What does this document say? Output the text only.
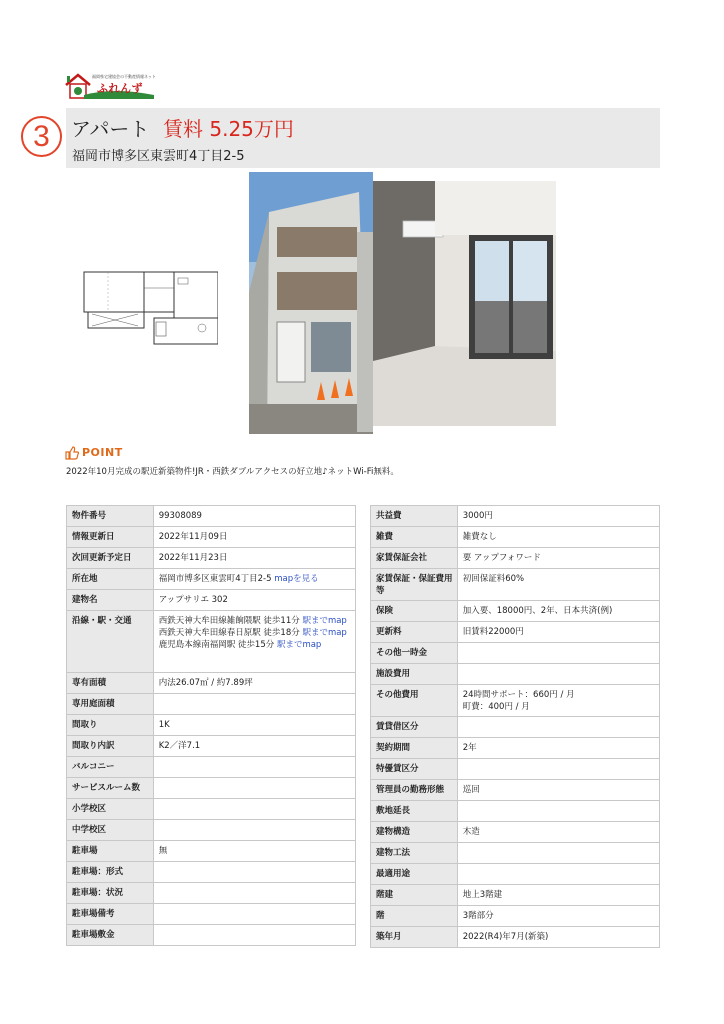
福岡県宅建協会の不動産情報ネット
ふれんず
3	アパート 賃料 5.25万円
福岡市博多区東雲町4丁目2-5
POINT
2022年10月完成の駅近新築物件!JR・西鉄ダブルアクセスの好立地♪ネットWi-Fi無料。
物件番号	99308089
情報更新日	2022年11月09日
次回更新予定日	2022年11月23日
所在地	福岡市博多区東雲町4丁目2-5 mapを見る
建物名	アップサリエ 302
沿線・駅・交通	西鉄天神大牟田線雑餉隈駅 徒歩11分 駅までmap
西鉄天神大牟田線春日原駅 徒歩18分 駅までmap
鹿児島本線南福岡駅 徒歩15分 駅までmap
専有面積	内法26.07㎡ / 約7.89坪
専用庭面積	
間取り	1K
間取り内訳	K2／洋7.1
バルコニー	
サービスルーム数	
小学校区	
中学校区	
駐車場	無
駐車場：形式	
駐車場：状況	
駐車場備考	
駐車場敷金	
共益費	3000円
雑費	雑費なし
家賃保証会社	要 アップフォワード
家賃保証・保証費用等	初回保証料60%
保険	加入要、18000円、2年、日本共済(例)
更新料	旧賃料22000円
その他一時金	
施設費用	
その他費用	24時間サポート：660円 / 月
町費：400円 / 月
賃貸借区分	
契約期間	2年
特優賃区分	
管理員の勤務形態	巡回
敷地延長	
建物構造	木造
建物工法	
最適用途	
階建	地上3階建
階	3階部分
築年月	2022(R4)年7月(新築)
